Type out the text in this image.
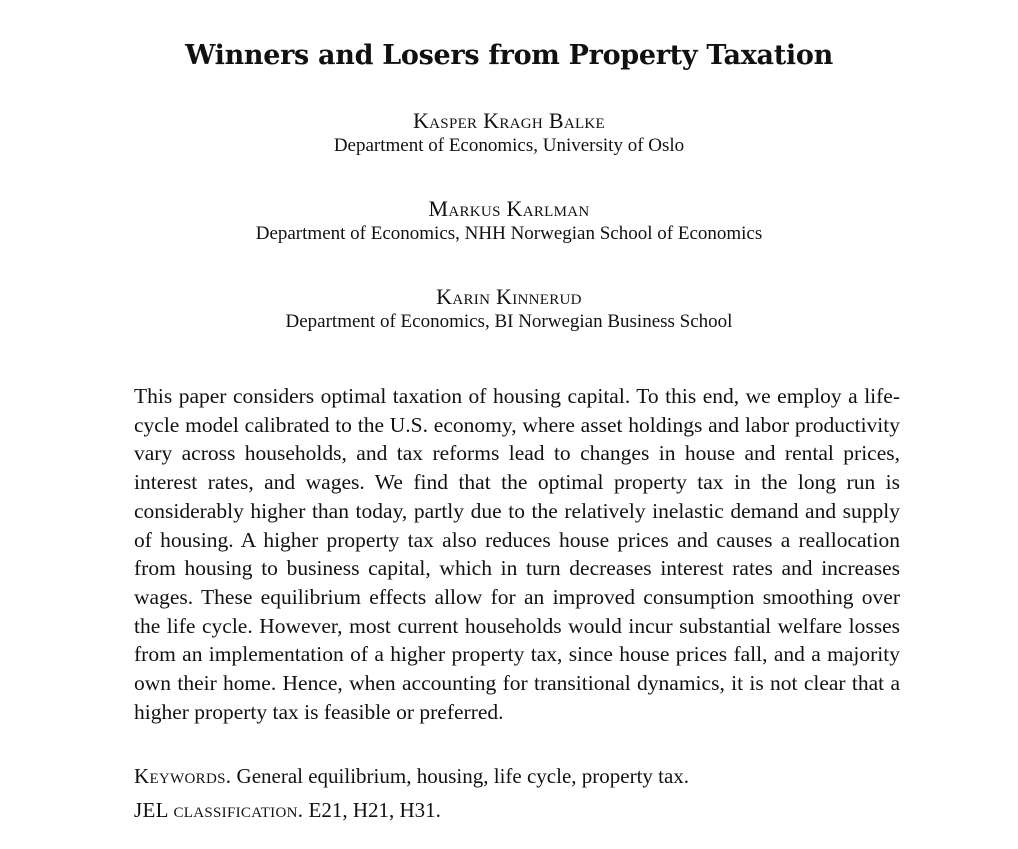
Winners and Losers from Property Taxation
Kasper Kragh Balke
Department of Economics, University of Oslo
Markus Karlman
Department of Economics, NHH Norwegian School of Economics
Karin Kinnerud
Department of Economics, BI Norwegian Business School
This paper considers optimal taxation of housing capital. To this end, we employ a life-cycle model calibrated to the U.S. economy, where asset holdings and labor productivity vary across households, and tax reforms lead to changes in house and rental prices, interest rates, and wages. We find that the optimal property tax in the long run is considerably higher than today, partly due to the relatively inelastic demand and supply of housing. A higher property tax also reduces house prices and causes a reallocation from housing to business capital, which in turn decreases interest rates and increases wages. These equilibrium effects allow for an improved consumption smoothing over the life cycle. However, most current households would incur substantial welfare losses from an implementation of a higher property tax, since house prices fall, and a majority own their home. Hence, when accounting for transitional dynamics, it is not clear that a higher property tax is feasible or preferred.
Keywords. General equilibrium, housing, life cycle, property tax.
JEL classification. E21, H21, H31.
